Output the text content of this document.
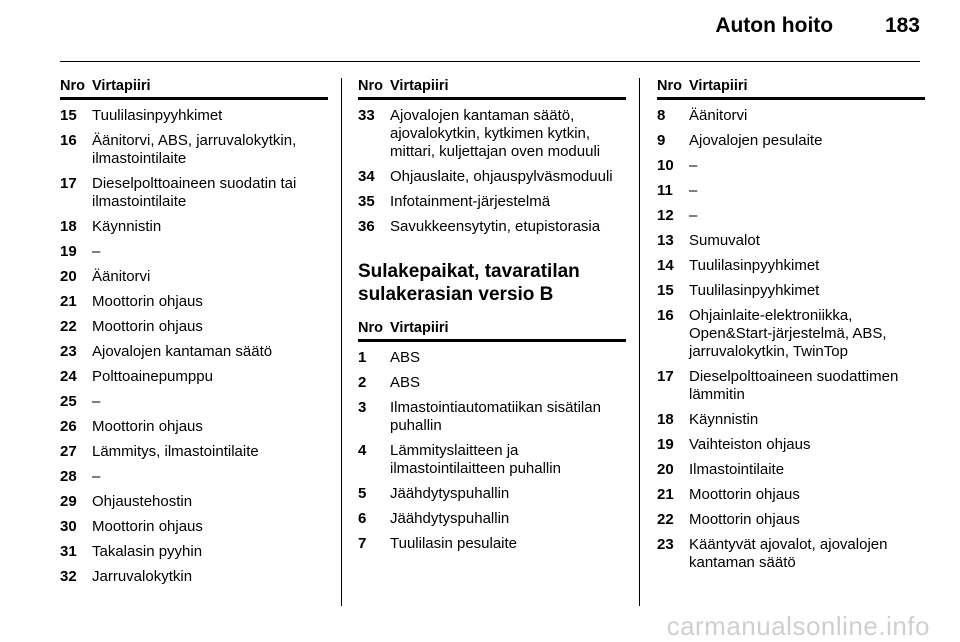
Auton hoito 183
Nro Virtapiiri
15	Tuulilasinpyyhkimet
16	Äänitorvi, ABS, jarruvalokytkin, ilmastointilaite
17	Dieselpolttoaineen suodatin tai ilmastointilaite
18	Käynnistin
19	–
20	Äänitorvi
21	Moottorin ohjaus
22	Moottorin ohjaus
23	Ajovalojen kantaman säätö
24	Polttoainepumppu
25	–
26	Moottorin ohjaus
27	Lämmitys, ilmastointilaite
28	–
29	Ohjaustehostin
30	Moottorin ohjaus
31	Takalasin pyyhin
32	Jarruvalokytkin
Nro Virtapiiri
33	Ajovalojen kantaman säätö, ajovalokytkin, kytkimen kytkin, mittari, kuljettajan oven moduuli
34	Ohjauslaite, ohjauspylväsmoduuli
35	Infotainment-järjestelmä
36	Savukkeensytytin, etupistorasia
Sulakepaikat, tavaratilan sulakerasian versio B
Nro Virtapiiri
1	ABS
2	ABS
3	Ilmastointiautomatiikan sisätilan puhallin
4	Lämmityslaitteen ja ilmastointilaitteen puhallin
5	Jäähdytyspuhallin
6	Jäähdytyspuhallin
7	Tuulilasin pesulaite
Nro Virtapiiri
8	Äänitorvi
9	Ajovalojen pesulaite
10	–
11	–
12	–
13	Sumuvalot
14	Tuulilasinpyyhkimet
15	Tuulilasinpyyhkimet
16	Ohjainlaite-elektroniikka, Open&Start-järjestelmä, ABS, jarruvalokytkin, TwinTop
17	Dieselpolttoaineen suodattimen lämmitin
18	Käynnistin
19	Vaihteiston ohjaus
20	Ilmastointilaite
21	Moottorin ohjaus
22	Moottorin ohjaus
23	Kääntyvät ajovalot, ajovalojen kantaman säätö
carmanualsonline.info
